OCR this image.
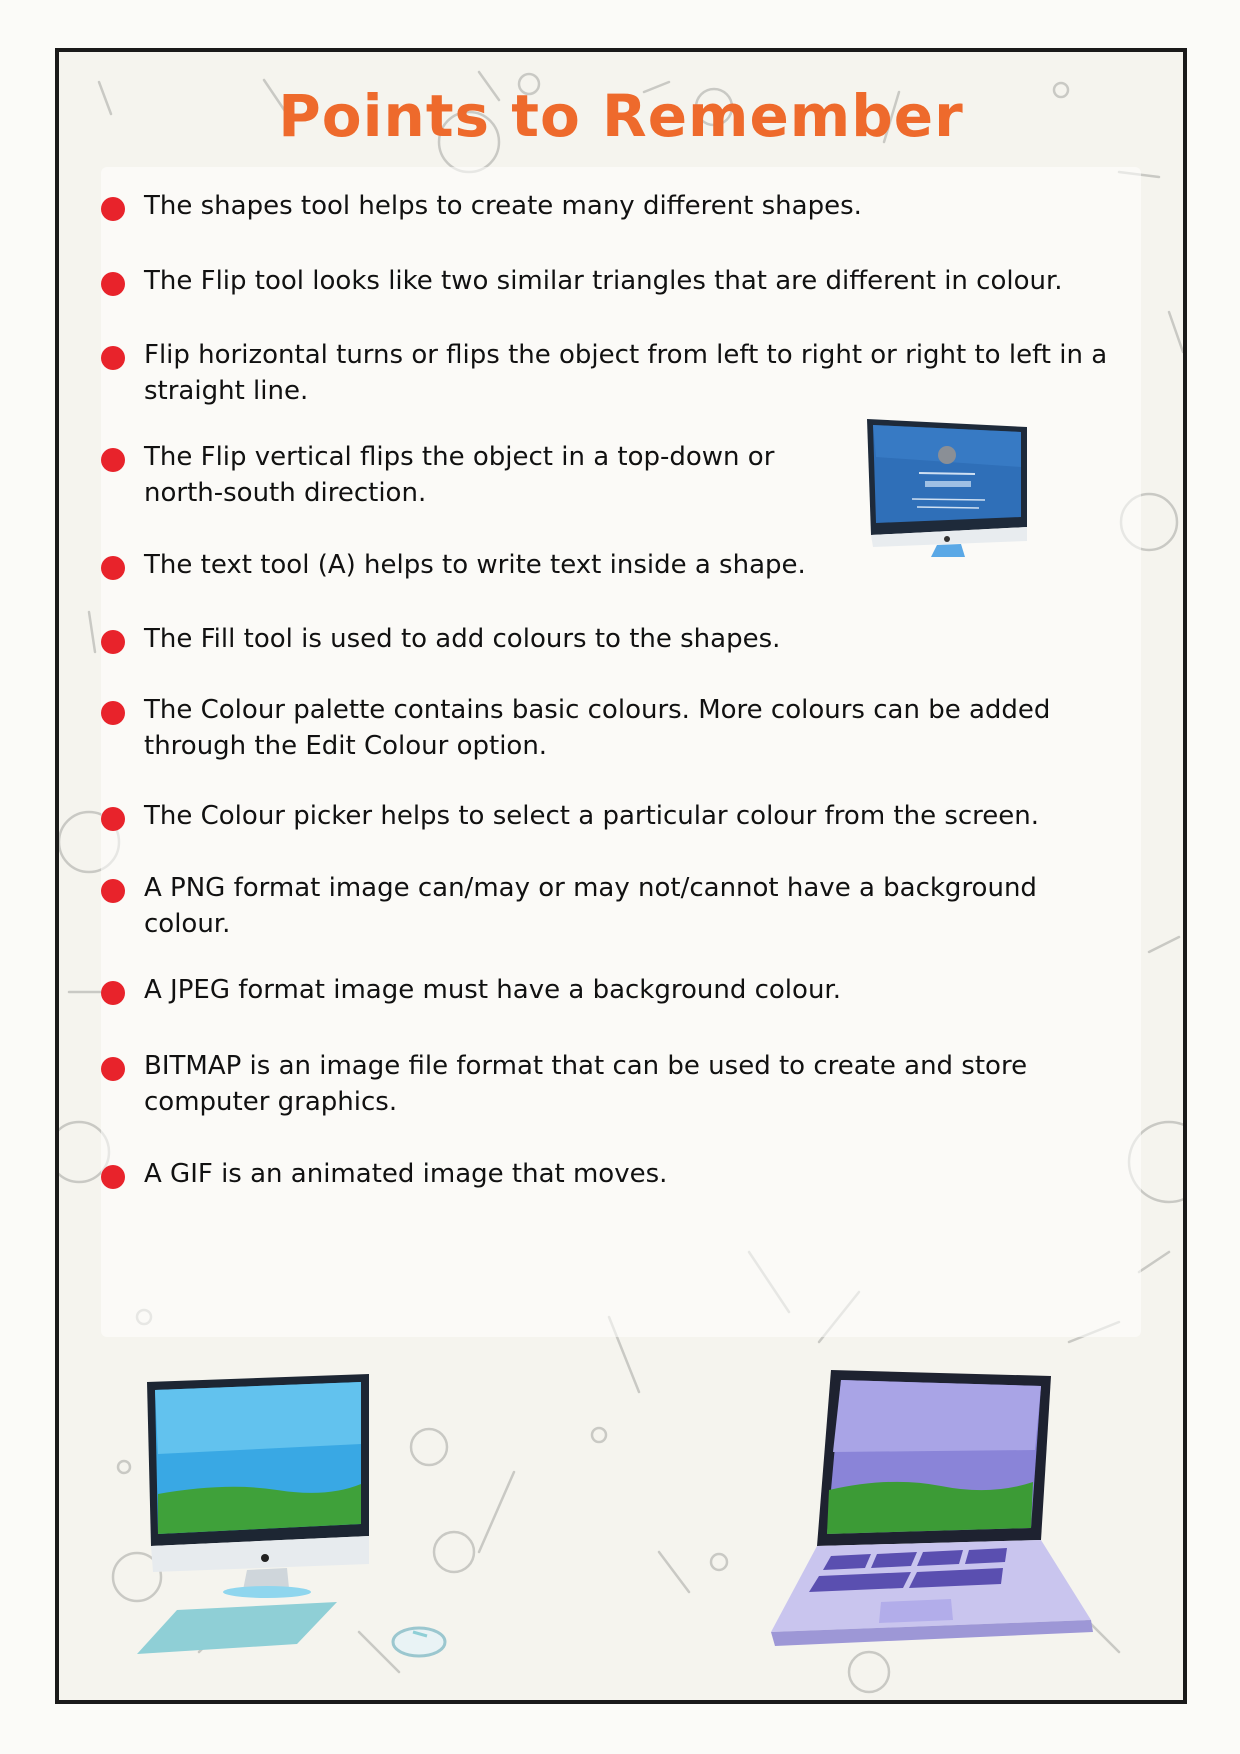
Points to Remember
The shapes tool helps to create many different shapes.
The Flip tool looks like two similar triangles that are different in colour.
Flip horizontal turns or flips the object from left to right or right to left in a straight line.
The Flip vertical flips the object in a top-down or north-south direction.
The text tool (A) helps to write text inside a shape.
The Fill tool is used to add colours to the shapes.
The Colour palette contains basic colours. More colours can be added through the Edit Colour option.
The Colour picker helps to select a particular colour from the screen.
A PNG format image can/may or may not/cannot have a background colour.
A JPEG format image must have a background colour.
BITMAP is an image file format that can be used to create and store computer graphics.
A GIF is an animated image that moves.
